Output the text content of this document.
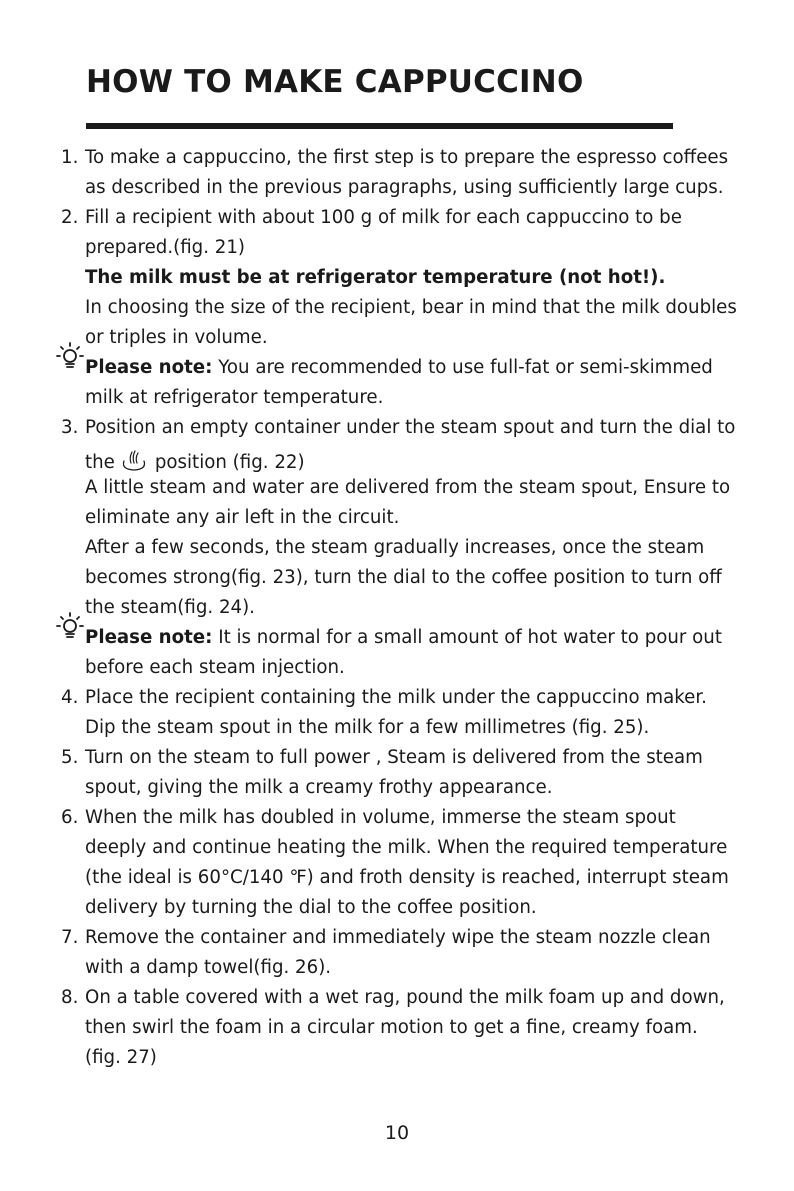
HOW TO MAKE CAPPUCCINO
1. To make a cappuccino, the first step is to prepare the espresso coffees
as described in the previous paragraphs, using sufficiently large cups.
2. Fill a recipient with about 100 g of milk for each cappuccino to be
prepared.(fig. 21)
The milk must be at refrigerator temperature (not hot!).
In choosing the size of the recipient, bear in mind that the milk doubles
or triples in volume.
Please note: You are recommended to use full-fat or semi-skimmed
milk at refrigerator temperature.
3. Position an empty container under the steam spout and turn the dial to
the position (fig. 22)
A little steam and water are delivered from the steam spout, Ensure to
eliminate any air left in the circuit.
After a few seconds, the steam gradually increases, once the steam
becomes strong(fig. 23), turn the dial to the coffee position to turn off
the steam(fig. 24).
Please note: It is normal for a small amount of hot water to pour out
before each steam injection.
4. Place the recipient containing the milk under the cappuccino maker.
Dip the steam spout in the milk for a few millimetres (fig. 25).
5. Turn on the steam to full power , Steam is delivered from the steam
spout, giving the milk a creamy frothy appearance.
6. When the milk has doubled in volume, immerse the steam spout
deeply and continue heating the milk. When the required temperature
(the ideal is 60°C/140 ℉) and froth density is reached, interrupt steam
delivery by turning the dial to the coffee position.
7. Remove the container and immediately wipe the steam nozzle clean
with a damp towel(fig. 26).
8. On a table covered with a wet rag, pound the milk foam up and down,
then swirl the foam in a circular motion to get a fine, creamy foam.
(fig. 27)
10
